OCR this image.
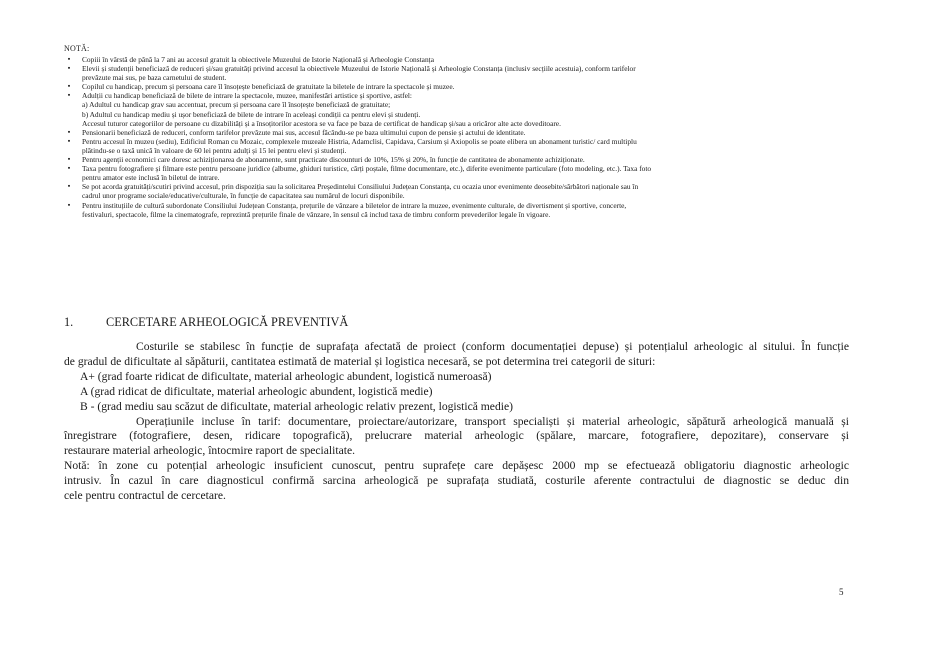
NOTĂ:
▪	Copiii în vârstă de până la 7 ani au accesul gratuit la obiectivele Muzeului de Istorie Națională și Arheologie Constanța
▪	Elevii și studenții beneficiază de reduceri și/sau gratuități privind accesul la obiectivele Muzeului de Istorie Națională și Arheologie Constanța (inclusiv secțiile acestuia), conform tarifelor
prevăzute mai sus, pe baza carnetului de student.
▪	Copilul cu handicap, precum și persoana care îl însoțește beneficiază de gratuitate la biletele de intrare la spectacole și muzee.
▪	Adulții cu handicap beneficiază de bilete de intrare la spectacole, muzee, manifestări artistice și sportive, astfel:
a) Adultul cu handicap grav sau accentuat, precum și persoana care îl însoțește beneficiază de gratuitate;
b) Adultul cu handicap mediu și ușor beneficiază de bilete de intrare în aceleași condiții ca pentru elevi și studenți.
Accesul tuturor categoriilor de persoane cu dizabilități și a însoțitorilor acestora se va face pe baza de certificat de handicap și/sau a oricăror alte acte doveditoare.
▪	Pensionarii beneficiază de reduceri, conform tarifelor prevăzute mai sus, accesul făcându-se pe baza ultimului cupon de pensie și actului de identitate.
▪	Pentru accesul în muzeu (sediu), Edificiul Roman cu Mozaic, complexele muzeale Histria, Adamclisi, Capidava, Carsium și Axiopolis se poate elibera un abonament turistic/ card multiplu
plătindu-se o taxă unică în valoare de 60 lei pentru adulți și 15 lei pentru elevi și studenți.
▪	Pentru agenții economici care doresc achiziționarea de abonamente, sunt practicate discounturi de 10%, 15% și 20%, în funcție de cantitatea de abonamente achiziționate.
▪	Taxa pentru fotografiere și filmare este pentru persoane juridice (albume, ghiduri turistice, cărți poștale, filme documentare, etc.), diferite evenimente particulare (foto modeling, etc.). Taxa foto
pentru amator este inclusă în biletul de intrare.
▪	Se pot acorda gratuități/scutiri privind accesul, prin dispoziția sau la solicitarea Președintelui Consiliului Județean Constanța, cu ocazia unor evenimente deosebite/sărbători naționale sau în
cadrul unor programe sociale/educative/culturale, în funcție de capacitatea sau numărul de locuri disponibile.
▪	Pentru instituțiile de cultură subordonate Consiliului Județean Constanța, prețurile de vânzare a biletelor de intrare la muzee, evenimente culturale, de divertisment și sportive, concerte,
festivaluri, spectacole, filme la cinematografe, reprezintă prețurile finale de vânzare, în sensul că includ taxa de timbru conform prevederilor legale în vigoare.
1.	CERCETARE ARHEOLOGICĂ PREVENTIVĂ
Costurile se stabilesc în funcție de suprafața afectată de proiect (conform documentației depuse) și potențialul arheologic al sitului. În funcție
de gradul de dificultate al săpăturii, cantitatea estimată de material și logistica necesară, se pot determina trei categorii de situri:
A+ (grad foarte ridicat de dificultate, material arheologic abundent, logistică numeroasă)
A (grad ridicat de dificultate, material arheologic abundent, logistică medie)
B - (grad mediu sau scăzut de dificultate, material arheologic relativ prezent, logistică medie)
Operațiunile incluse în tarif: documentare, proiectare/autorizare, transport specialiști și material arheologic, săpătură arheologică manuală și
înregistrare (fotografiere, desen, ridicare topografică), prelucrare material arheologic (spălare, marcare, fotografiere, depozitare), conservare și
restaurare material arheologic, întocmire raport de specialitate.
Notă: în zone cu potențial arheologic insuficient cunoscut, pentru suprafețe care depășesc 2000 mp se efectuează obligatoriu diagnostic arheologic
intrusiv. În cazul în care diagnosticul confirmă sarcina arheologică pe suprafața studiată, costurile aferente contractului de diagnostic se deduc din
cele pentru contractul de cercetare.
5
